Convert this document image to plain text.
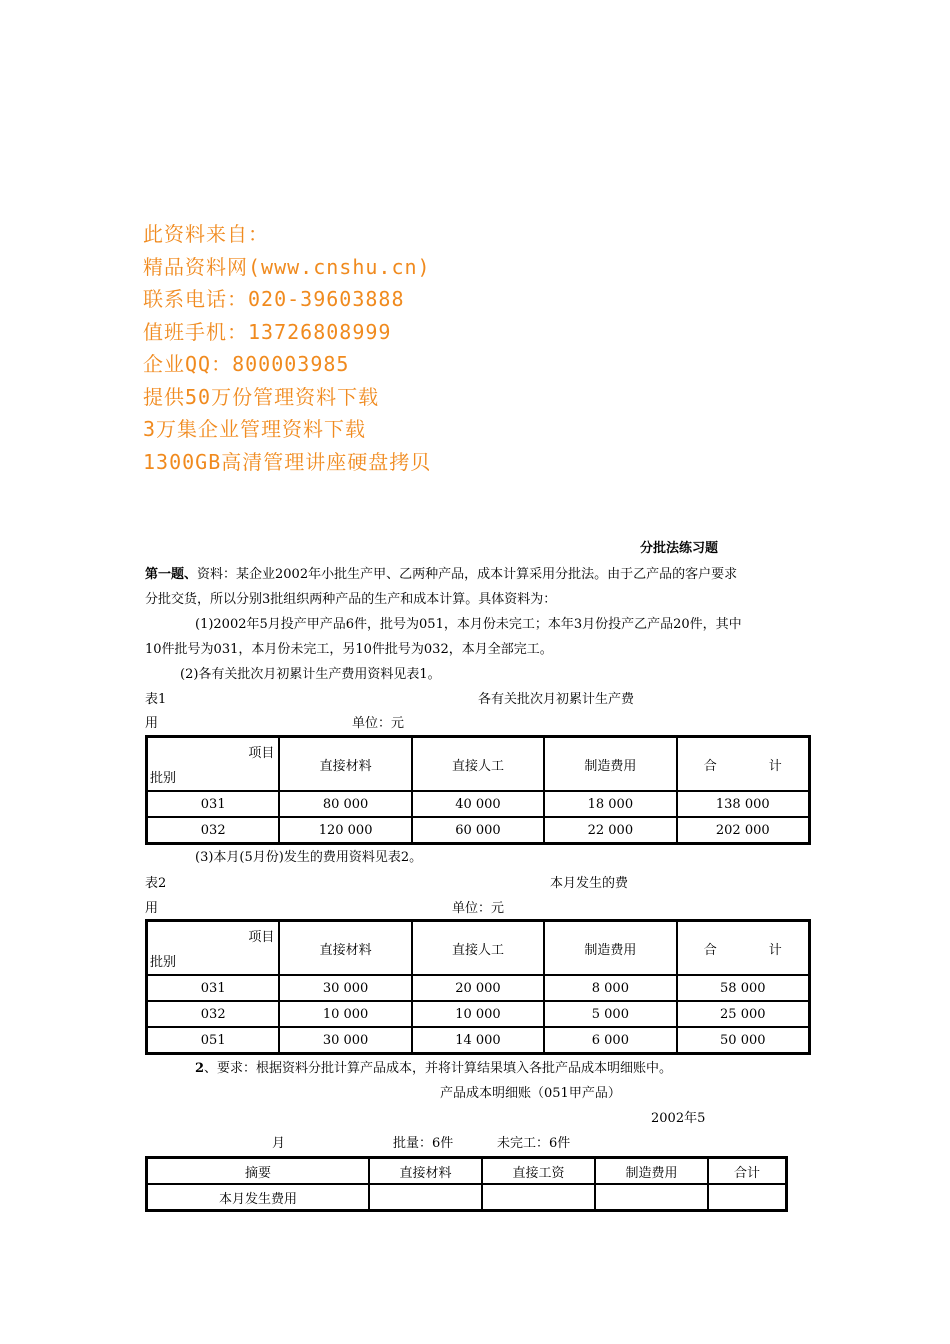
此资料来自：
精品资料网(www.cnshu.cn)
联系电话：020-39603888
值班手机：13726808999
企业QQ：800003985
提供50万份管理资料下载
3万集企业管理资料下载
1300GB高清管理讲座硬盘拷贝
分批法练习题
第一题、资料：某企业2002年小批生产甲、乙两种产品，成本计算采用分批法。由于乙产品的客户要求
分批交货，所以分别3批组织两种产品的生产和成本计算。具体资料为：
(1)2002年5月投产甲产品6件，批号为051，本月份未完工；本年3月份投产乙产品20件，其中
10件批号为031，本月份未完工，另10件批号为032，本月全部完工。
(2)各有关批次月初累计生产费用资料见表1。
表1	各有关批次月初累计生产费
用	单位：元
项目
批别	直接材料	直接人工	制造费用	合 计
031	80 000	40 000	18 000	138 000
032	120 000	60 000	22 000	202 000
(3)本月(5月份)发生的费用资料见表2。
表2	本月发生的费
用	单位：元
项目
批别	直接材料	直接人工	制造费用	合 计
031	30 000	20 000	8 000	58 000
032	10 000	10 000	5 000	25 000
051	30 000	14 000	6 000	50 000
2、要求：根据资料分批计算产品成本，并将计算结果填入各批产品成本明细账中。
产品成本明细账（051甲产品）
2002年5
月	批量：6件	未完工：6件
摘要	直接材料	直接工资	制造费用	合计
本月发生费用				
